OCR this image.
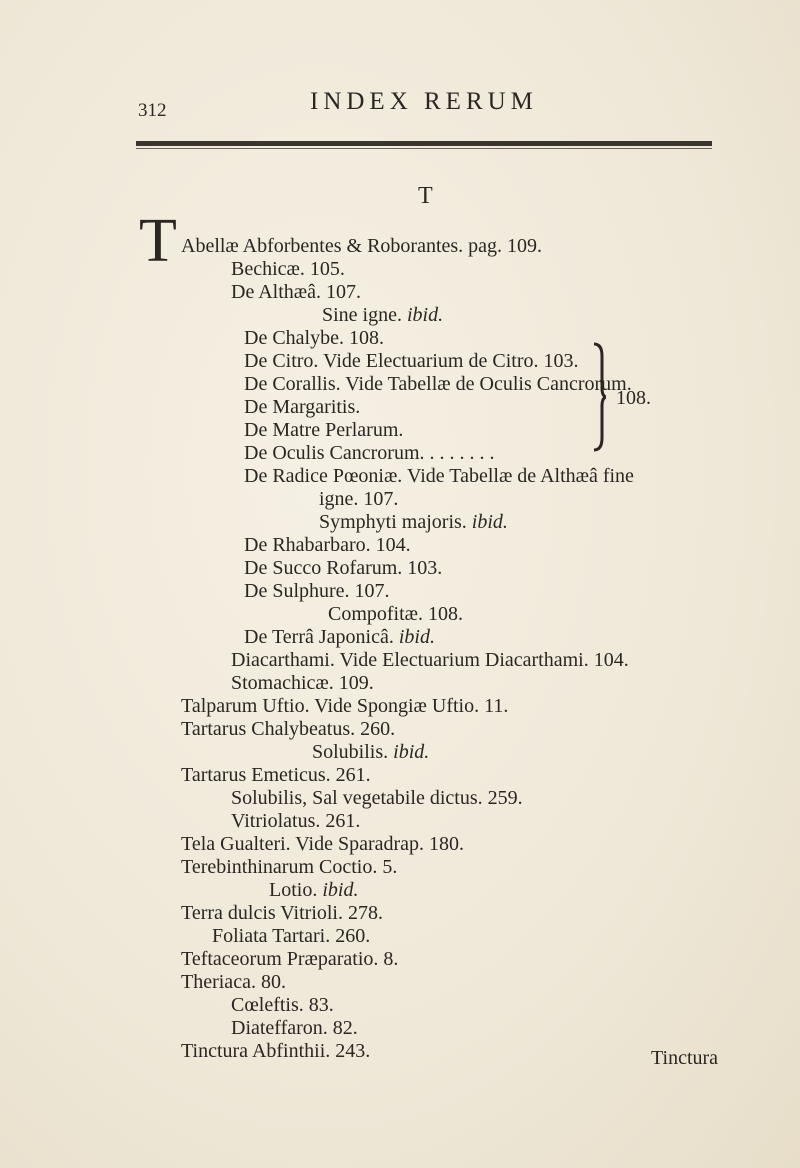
312	INDEX RERUM
T
T Abellæ Abforbentes & Roborantes. pag. 109.
Bechicæ. 105.
De Althæâ. 107.
Sine igne. ibid.
De Chalybe. 108.
De Citro. Vide Electuarium de Citro. 103.
De Corallis. Vide Tabellæ de Oculis Cancrorum.
De Margaritis.
De Matre Perlarum.
De Oculis Cancrorum. . . . . . . .
De Radice Pœoniæ. Vide Tabellæ de Althæâ fine
igne. 107.
Symphyti majoris. ibid.
De Rhabarbaro. 104.
De Succo Rofarum. 103.
De Sulphure. 107.
Compofitæ. 108.
De Terrâ Japonicâ. ibid.
Diacarthami. Vide Electuarium Diacarthami. 104.
Stomachicæ. 109.
Talparum Uftio. Vide Spongiæ Uftio. 11.
Tartarus Chalybeatus. 260.
Solubilis. ibid.
Tartarus Emeticus. 261.
Solubilis, Sal vegetabile dictus. 259.
Vitriolatus. 261.
Tela Gualteri. Vide Sparadrap. 180.
Terebinthinarum Coctio. 5.
Lotio. ibid.
Terra dulcis Vitrioli. 278.
Foliata Tartari. 260.
Teftaceorum Præparatio. 8.
Theriaca. 80.
Cœleftis. 83.
Diateffaron. 82.
Tinctura Abfinthii. 243.
108.
Tinctura
